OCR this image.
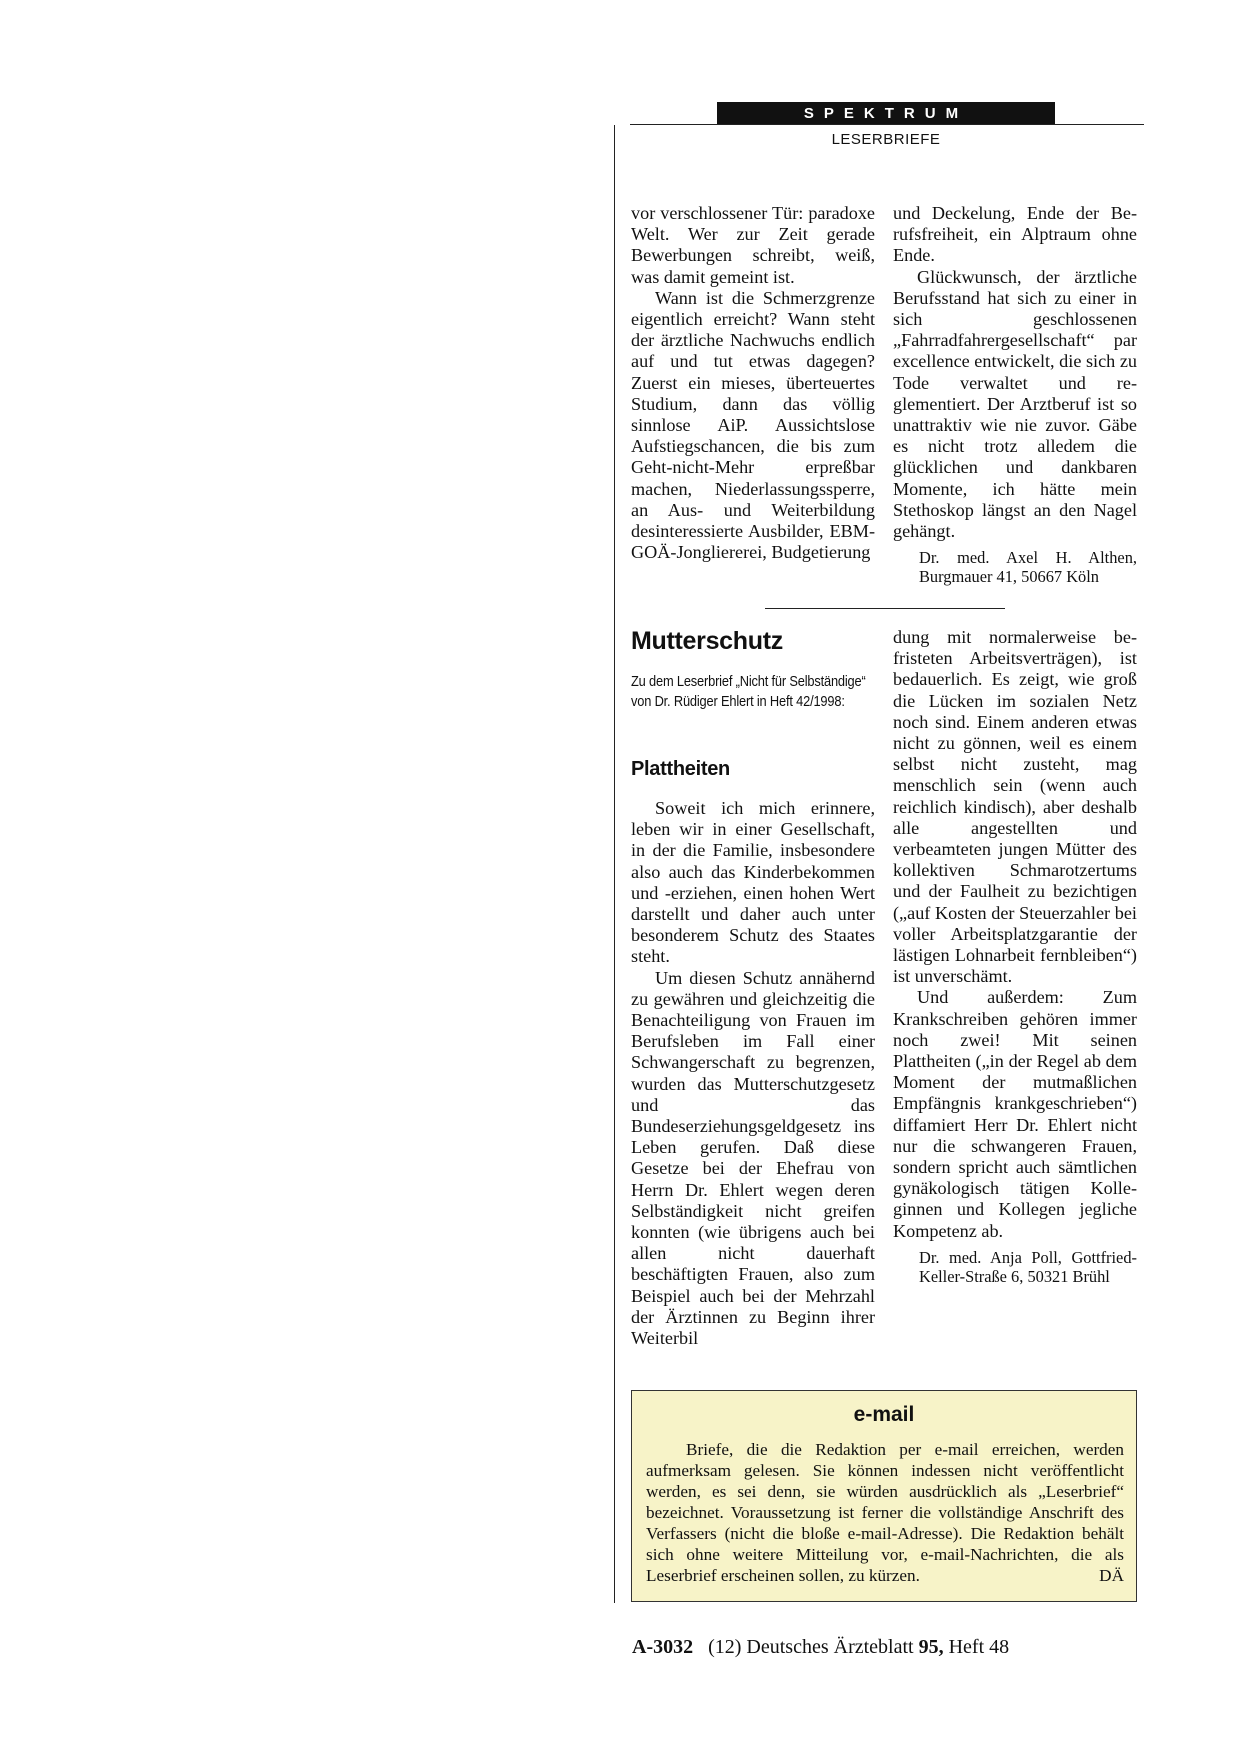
SPEKTRUM
LESERBRIEFE

vor verschlossener Tür: paradoxe Welt. Wer zur Zeit gerade Bewerbungen schreibt, weiß, was damit gemeint ist.

Wann ist die Schmerzgrenze eigentlich erreicht? Wann steht der ärztliche Nachwuchs endlich auf und tut etwas dagegen? Zuerst ein mieses, überteuertes Studium, dann das völlig sinnlose AiP. Aussichtslose Aufstiegschancen, die bis zum Geht-nicht-Mehr erpreßbar machen, Niederlassungssperre, an Aus- und Weiterbildung desinteressierte Ausbilder, EBM-GOÄ-Jongliererei, Budgetierung

und Deckelung, Ende der Berufsfreiheit, ein Alptraum ohne Ende.

Glückwunsch, der ärztliche Berufsstand hat sich zu einer in sich geschlossenen „Fahrradfahrergesellschaft“ par excellence entwickelt, die sich zu Tode verwaltet und reglementiert. Der Arztberuf ist so unattraktiv wie nie zuvor. Gäbe es nicht trotz alledem die glücklichen und dankbaren Momente, ich hätte mein Stethoskop längst an den Nagel gehängt.

Dr. med. Axel H. Althen, Burgmauer 41, 50667 Köln

Mutterschutz

Zu dem Leserbrief „Nicht für Selbständige“ von Dr. Rüdiger Ehlert in Heft 42/1998:

Plattheiten

Soweit ich mich erinnere, leben wir in einer Gesellschaft, in der die Familie, insbesondere also auch das Kinderbekommen und -erziehen, einen hohen Wert darstellt und daher auch unter besonderem Schutz des Staates steht.

Um diesen Schutz annähernd zu gewähren und gleichzeitig die Benachteiligung von Frauen im Berufsleben im Fall einer Schwangerschaft zu begrenzen, wurden das Mutterschutzgesetz und das Bundeserziehungsgeldgesetz ins Leben gerufen. Daß diese Gesetze bei der Ehefrau von Herrn Dr. Ehlert wegen deren Selbständigkeit nicht greifen konnten (wie übrigens auch bei allen nicht dauerhaft beschäftigten Frauen, also zum Beispiel auch bei der Mehrzahl der Ärztinnen zu Beginn ihrer Weiterbil

dung mit normalerweise befristeten Arbeitsverträgen), ist bedauerlich. Es zeigt, wie groß die Lücken im sozialen Netz noch sind. Einem anderen etwas nicht zu gönnen, weil es einem selbst nicht zusteht, mag menschlich sein (wenn auch reichlich kindisch), aber deshalb alle angestellten und verbeamteten jungen Mütter des kollektiven Schmarotzertums und der Faulheit zu bezichtigen („auf Kosten der Steuerzahler bei voller Arbeitsplatzgarantie der lästigen Lohnarbeit fernbleiben“) ist unverschämt.

Und außerdem: Zum Krankschreiben gehören immer noch zwei! Mit seinen Plattheiten („in der Regel ab dem Moment der mutmaßlichen Empfängnis krankgeschrieben“) diffamiert Herr Dr. Ehlert nicht nur die schwangeren Frauen, sondern spricht auch sämtlichen gynäkologisch tätigen Kolleginnen und Kollegen jegliche Kompetenz ab.

Dr. med. Anja Poll, Gottfried-Keller-Straße 6, 50321 Brühl

e-mail

Briefe, die die Redaktion per e-mail erreichen, werden aufmerksam gelesen. Sie können indessen nicht veröffentlicht werden, es sei denn, sie würden ausdrücklich als „Leserbrief“ bezeichnet. Voraussetzung ist ferner die vollständige Anschrift des Verfassers (nicht die bloße e-mail-Adresse). Die Redaktion behält sich ohne weitere Mitteilung vor, e-mail-Nachrichten, die als Leserbrief erscheinen sollen, zu kürzen.	DÄ

A-3032 (12) Deutsches Ärzteblatt 95, Heft 48
